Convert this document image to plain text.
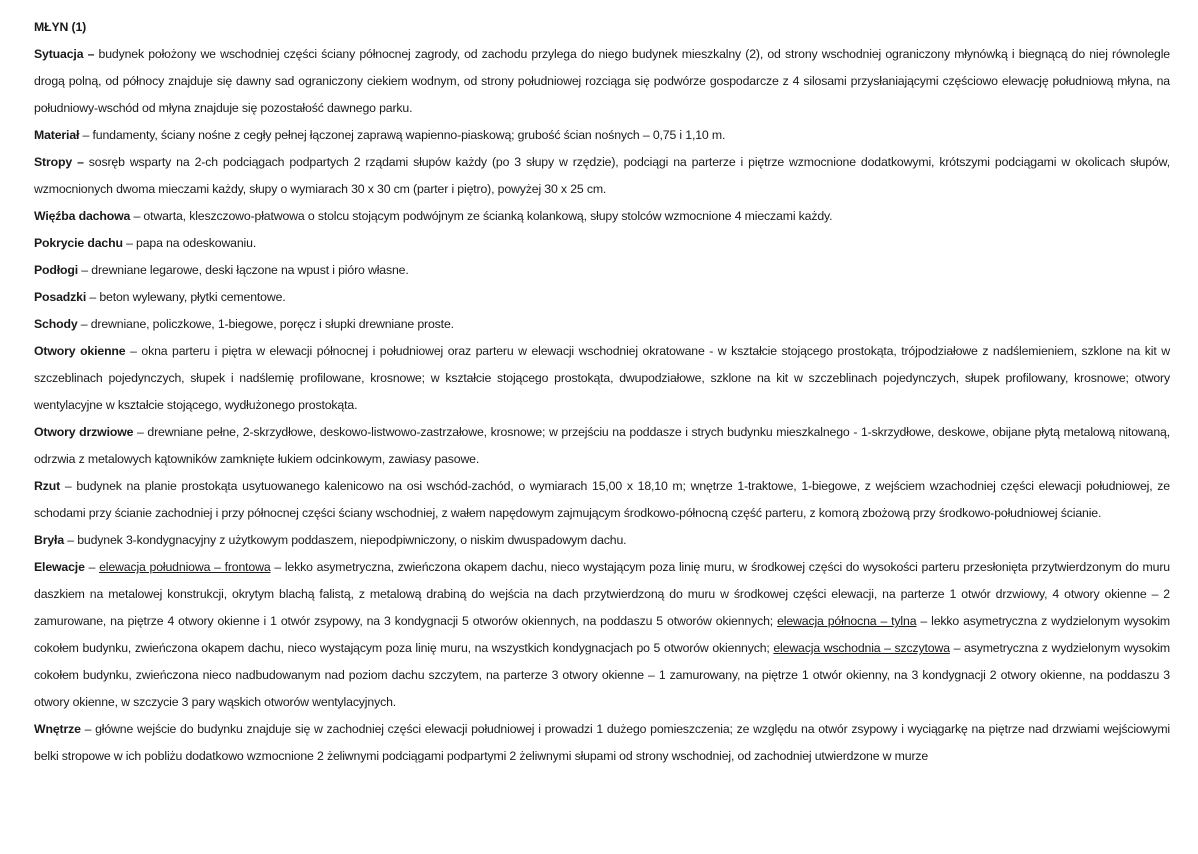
MŁYN (1)

Sytuacja – budynek położony we wschodniej części ściany północnej zagrody, od zachodu przylega do niego budynek mieszkalny (2), od strony wschodniej ograniczony młynówką i biegnącą do niej równolegle drogą polną, od północy znajduje się dawny sad ograniczony ciekiem wodnym, od strony południowej rozciąga się podwórze gospodarcze z 4 silosami przysłaniającymi częściowo elewację południową młyna, na południowy-wschód od młyna znajduje się pozostałość dawnego parku.

Materiał – fundamenty, ściany nośne z cegły pełnej łączonej zaprawą wapienno-piaskową; grubość ścian nośnych – 0,75 i 1,10 m.

Stropy – sosręb wsparty na 2-ch podciągach podpartych 2 rządami słupów każdy (po 3 słupy w rzędzie), podciągi na parterze i piętrze wzmocnione dodatkowymi, krótszymi podciągami w okolicach słupów, wzmocnionych dwoma mieczami każdy, słupy o wymiarach 30 x 30 cm (parter i piętro), powyżej 30 x 25 cm.

Więźba dachowa – otwarta, kleszczowo-płatwowa o stolcu stojącym podwójnym ze ścianką kolankową, słupy stolców wzmocnione 4 mieczami każdy.

Pokrycie dachu – papa na odeskowaniu.

Podłogi – drewniane legarowe, deski łączone na wpust i pióro własne.

Posadzki – beton wylewany, płytki cementowe.

Schody – drewniane, policzkowe, 1-biegowe, poręcz i słupki drewniane proste.

Otwory okienne – okna parteru i piętra w elewacji północnej i południowej oraz parteru w elewacji wschodniej okratowane - w kształcie stojącego prostokąta, trójpodziałowe z nadślemieniem, szklone na kit w szczeblinach pojedynczych, słupek i nadślemię profilowane, krosnowe; w kształcie stojącego prostokąta, dwupodziałowe, szklone na kit w szczeblinach pojedynczych, słupek profilowany, krosnowe; otwory wentylacyjne w kształcie stojącego, wydłużonego prostokąta.

Otwory drzwiowe – drewniane pełne, 2-skrzydłowe, deskowo-listwowo-zastrzałowe, krosnowe; w przejściu na poddasze i strych budynku mieszkalnego - 1-skrzydłowe, deskowe, obijane płytą metalową nitowaną, odrzwia z metalowych kątowników zamknięte łukiem odcinkowym, zawiasy pasowe.

Rzut – budynek na planie prostokąta usytuowanego kalenicowo na osi wschód-zachód, o wymiarach 15,00 x 18,10 m; wnętrze 1-traktowe, 1-biegowe, z wejściem wzachodniej części elewacji południowej, ze schodami przy ścianie zachodniej i przy północnej części ściany wschodniej, z wałem napędowym zajmującym środkowo-północną część parteru, z komorą zbożową przy środkowo-południowej ścianie.

Bryła – budynek 3-kondygnacyjny z użytkowym poddaszem, niepodpiwniczony, o niskim dwuspadowym dachu.

Elewacje – elewacja południowa – frontowa – lekko asymetryczna, zwieńczona okapem dachu, nieco wystającym poza linię muru, w środkowej części do wysokości parteru przesłonięta przytwierdzonym do muru daszkiem na metalowej konstrukcji, okrytym blachą falistą, z metalową drabiną do wejścia na dach przytwierdzoną do muru w środkowej części elewacji, na parterze 1 otwór drzwiowy, 4 otwory okienne – 2 zamurowane, na piętrze 4 otwory okienne i 1 otwór zsypowy, na 3 kondygnacji 5 otworów okiennych, na poddaszu 5 otworów okiennych; elewacja północna – tylna – lekko asymetryczna z wydzielonym wysokim cokołem budynku, zwieńczona okapem dachu, nieco wystającym poza linię muru, na wszystkich kondygnacjach po 5 otworów okiennych; elewacja wschodnia – szczytowa – asymetryczna z wydzielonym wysokim cokołem budynku, zwieńczona nieco nadbudowanym nad poziom dachu szczytem, na parterze 3 otwory okienne – 1 zamurowany, na piętrze 1 otwór okienny, na 3 kondygnacji 2 otwory okienne, na poddaszu 3 otwory okienne, w szczycie 3 pary wąskich otworów wentylacyjnych.

Wnętrze – główne wejście do budynku znajduje się w zachodniej części elewacji południowej i prowadzi 1 dużego pomieszczenia; ze względu na otwór zsypowy i wyciągarkę na piętrze nad drzwiami wejściowymi belki stropowe w ich pobliżu dodatkowo wzmocnione 2 żeliwnymi podciągami podpartymi 2 żeliwnymi słupami od strony wschodniej, od zachodniej utwierdzone w murze
